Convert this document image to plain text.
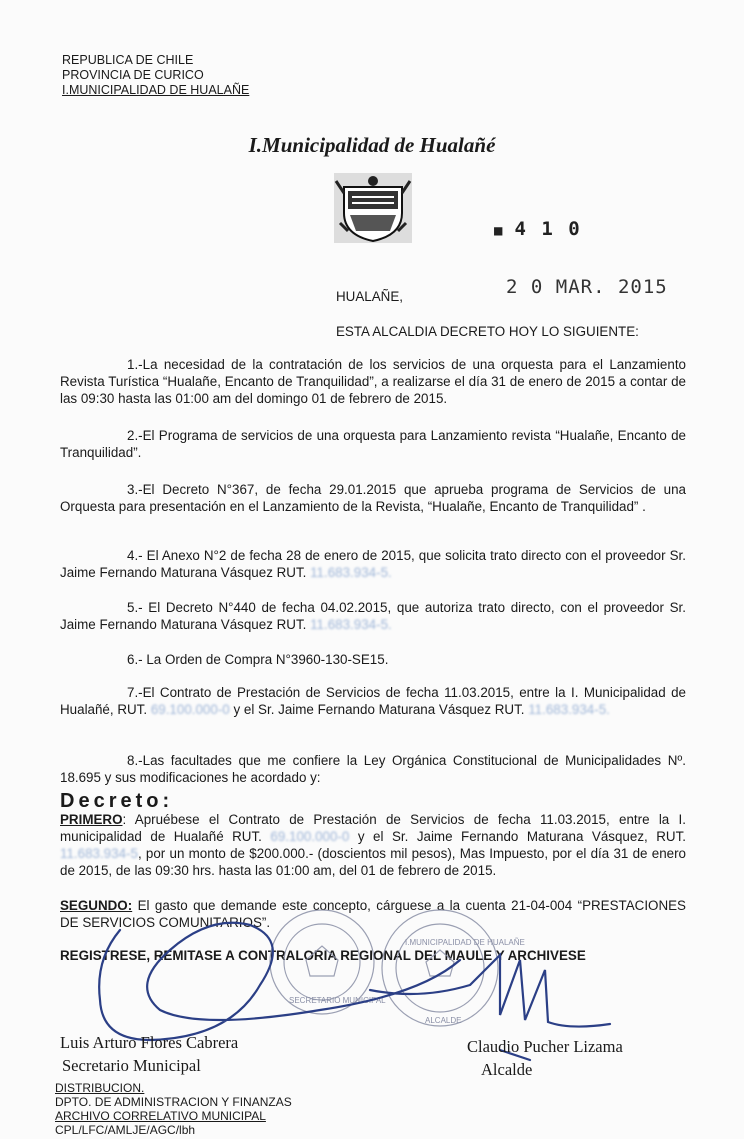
REPUBLICA DE CHILE
PROVINCIA DE CURICO
I.MUNICIPALIDAD DE HUALAÑE
I.Municipalidad de Hualañé
■ 4 1 0
2 0 MAR. 2015
HUALAÑE,
ESTA ALCALDIA DECRETO HOY LO SIGUIENTE:
1.-La necesidad de la contratación de los servicios de una orquesta para el Lanzamiento Revista Turística “Hualañe, Encanto de Tranquilidad”, a realizarse el día 31 de enero de 2015 a contar de las 09:30 hasta las 01:00 am del domingo 01 de febrero de 2015.
2.-El Programa de servicios de una orquesta para Lanzamiento revista “Hualañe, Encanto de Tranquilidad”.
3.-El Decreto N°367, de fecha 29.01.2015 que aprueba programa de Servicios de una Orquesta para presentación en el Lanzamiento de la Revista, “Hualañe, Encanto de Tranquilidad” .
4.- El Anexo N°2 de fecha 28 de enero de 2015, que solicita trato directo con el proveedor Sr. Jaime Fernando Maturana Vásquez RUT. 11.683.934-5.
5.- El Decreto N°440 de fecha 04.02.2015, que autoriza trato directo, con el proveedor Sr. Jaime Fernando Maturana Vásquez RUT. 11.683.934-5.
6.- La Orden de Compra N°3960-130-SE15.
7.-El Contrato de Prestación de Servicios de fecha 11.03.2015, entre la I. Municipalidad de Hualañé, RUT. 69.100.000-0 y el Sr. Jaime Fernando Maturana Vásquez RUT. 11.683.934-5.
8.-Las facultades que me confiere la Ley Orgánica Constitucional de Municipalidades Nº. 18.695 y sus modificaciones he acordado y:
Decreto:
PRIMERO: Apruébese el Contrato de Prestación de Servicios de fecha 11.03.2015, entre la I. municipalidad de Hualañé RUT. 69.100.000-0 y el Sr. Jaime Fernando Maturana Vásquez, RUT. 11.683.934-5, por un monto de $200.000.- (doscientos mil pesos), Mas Impuesto, por el día 31 de enero de 2015, de las 09:30 hrs. hasta las 01:00 am, del 01 de febrero de 2015.
SEGUNDO: El gasto que demande este concepto, cárguese a la cuenta 21-04-004 “PRESTACIONES DE SERVICIOS COMUNITARIOS”.
REGISTRESE, REMITASE A CONTRALORIA REGIONAL DEL MAULE Y ARCHIVESE
SECRETARIO MUNICIPAL
I.MUNICIPALIDAD DE HUALAÑE
ALCALDE
Luis Arturo Flores Cabrera
Secretario Municipal
Claudio Pucher Lizama
Alcalde
DISTRIBUCION.
DPTO. DE ADMINISTRACION Y FINANZAS
ARCHIVO CORRELATIVO MUNICIPAL
CPL/LFC/AMLJE/AGC/lbh
